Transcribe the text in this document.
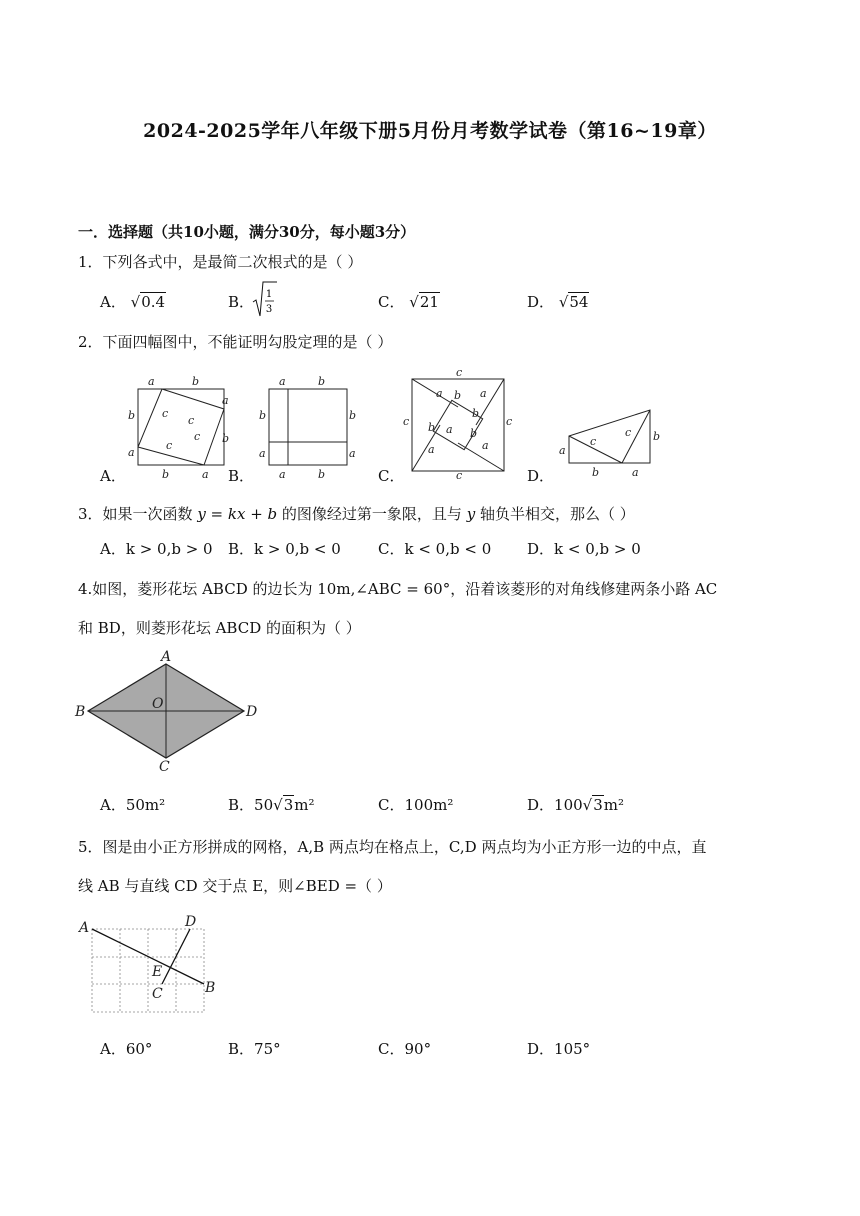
2024-2025学年八年级下册5月份月考数学试卷（第16~19章）
一．选择题（共10小题，满分30分，每小题3分）
1．下列各式中，是最简二次根式的是（ ）
A． √0.4	B． 1
3	C． √21	D． √54
2．下面四幅图中，不能证明勾股定理的是（ ）
a	b
a
b
a
b
a
b c
c
c
c
A．
a	b
b
a
a	b
b
a
B．
c
c
c
c
a b a
b
b a b
a
a
C．
a
b	a
b
c
c
D．
3．如果一次函数 y = kx + b 的图像经过第一象限，且与 y 轴负半相交，那么（ ）
A．k > 0,b > 0 B．k > 0,b < 0 C．k < 0,b < 0 D．k < 0,b > 0
4.如图，菱形花坛 ABCD 的边长为 10m,∠ABC = 60°，沿着该菱形的对角线修建两条小路 AC
和 BD，则菱形花坛 ABCD 的面积为（ ）
A
B	D
C
O
A．50m²	B．50√3m²	C．100m²	D．100√3m²
5．图是由小正方形拼成的网格，A,B 两点均在格点上，C,D 两点均为小正方形一边的中点，直
线 AB 与直线 CD 交于点 E，则∠BED =（ ）
A	D
E
C	B
A．60°	B．75°	C．90°	D．105°
